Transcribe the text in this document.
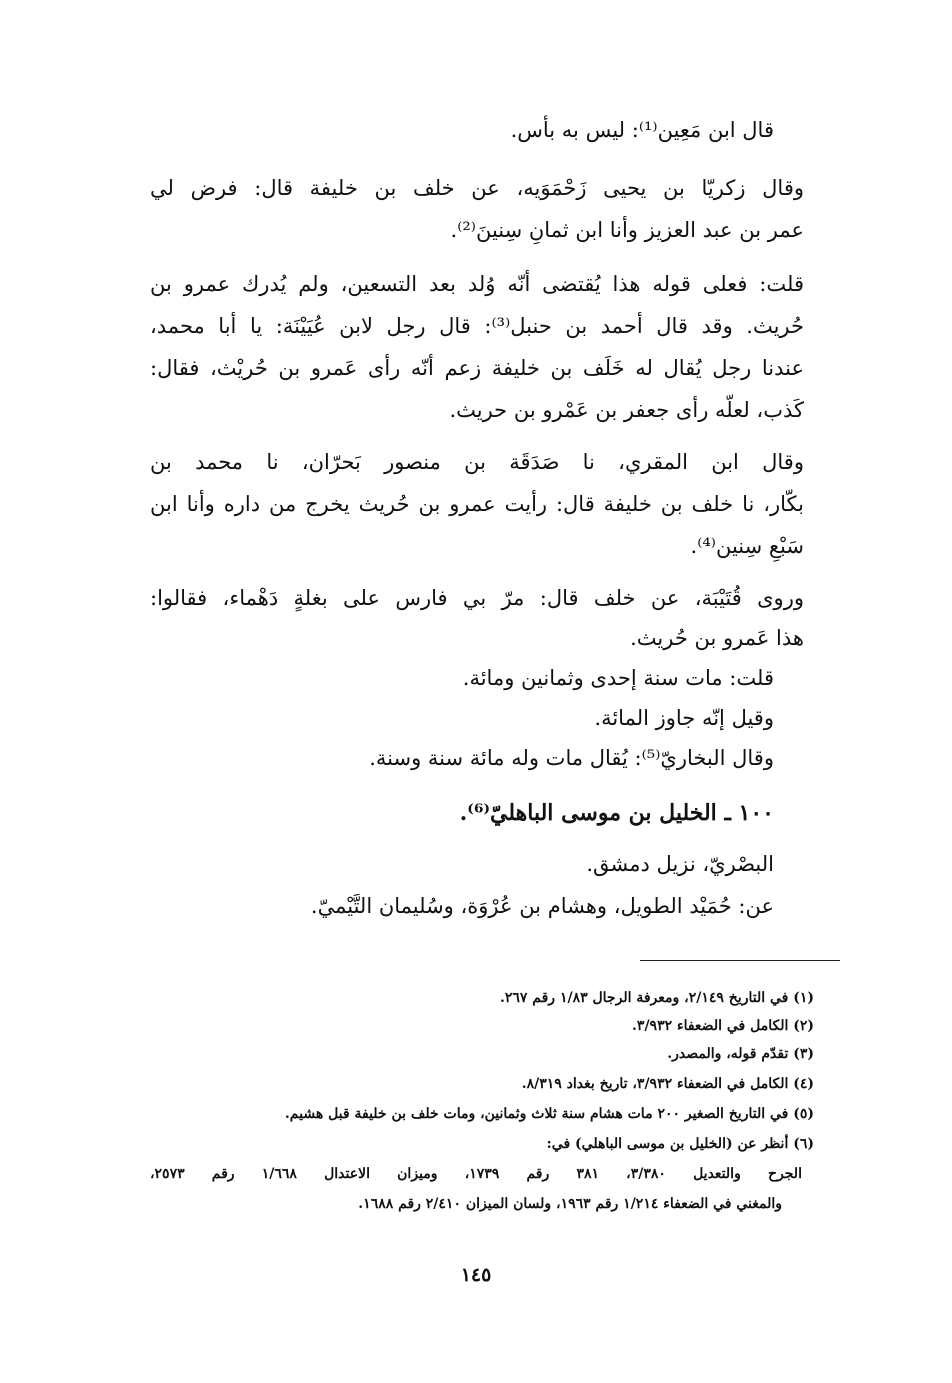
قال ابن مَعِين⁽¹⁾: ليس به بأس.
وقال زكريّا بن يحيى زَحْمَوَيه، عن خلف بن خليفة قال: فرض لي
عمر بن عبد العزيز وأنا ابن ثمانِ سِنينَ⁽²⁾.
قلت: فعلى قوله هذا يُقتضى أنّه وُلد بعد التسعين، ولم يُدرك عمرو بن
حُريث. وقد قال أحمد بن حنبل⁽³⁾: قال رجل لابن عُيَيْنَة: يا أبا محمد،
عندنا رجل يُقال له خَلَف بن خليفة زعم أنّه رأى عَمرو بن حُريْث، فقال:
كَذب، لعلّه رأى جعفر بن عَمْرو بن حريث.
وقال ابن المقري، نا صَدَقَة بن منصور بَحرّان، نا محمد بن
بكّار، نا خلف بن خليفة قال: رأيت عمرو بن حُريث يخرج من داره وأنا ابن
سَبْعِ سِنين⁽⁴⁾.
وروى قُتَيْبَة، عن خلف قال: مرّ بي فارس على بغلةٍ دَهْماء، فقالوا:
هذا عَمرو بن حُريث.
قلت: مات سنة إحدى وثمانين ومائة.
وقيل إنّه جاوز المائة.
وقال البخاريّ⁽⁵⁾: يُقال مات وله مائة سنة وسنة.
١٠٠ ـ الخليل بن موسى الباهليّ⁽⁶⁾.
البصْريّ، نزيل دمشق.
عن: حُمَيْد الطويل، وهشام بن عُرْوَة، وسُليمان التَّيْميّ.
(١) في التاريخ ٢/١٤٩، ومعرفة الرجال ١/٨٣ رقم ٢٦٧.
(٢) الكامل في الضعفاء ٣/٩٣٢.
(٣) تقدّم قوله، والمصدر.
(٤) الكامل في الضعفاء ٣/٩٣٢، تاريخ بغداد ٨/٣١٩.
(٥) في التاريخ الصغير ٢٠٠ مات هشام سنة ثلاث وثمانين، ومات خلف بن خليفة قبل هشيم.
(٦) أنظر عن (الخليل بن موسى الباهلي) في:
الجرح والتعديل ٣/٣٨٠، ٣٨١ رقم ١٧٣٩، وميزان الاعتدال ١/٦٦٨ رقم ٢٥٧٣،
والمغني في الضعفاء ١/٢١٤ رقم ١٩٦٣، ولسان الميزان ٢/٤١٠ رقم ١٦٨٨.
١٤٥
